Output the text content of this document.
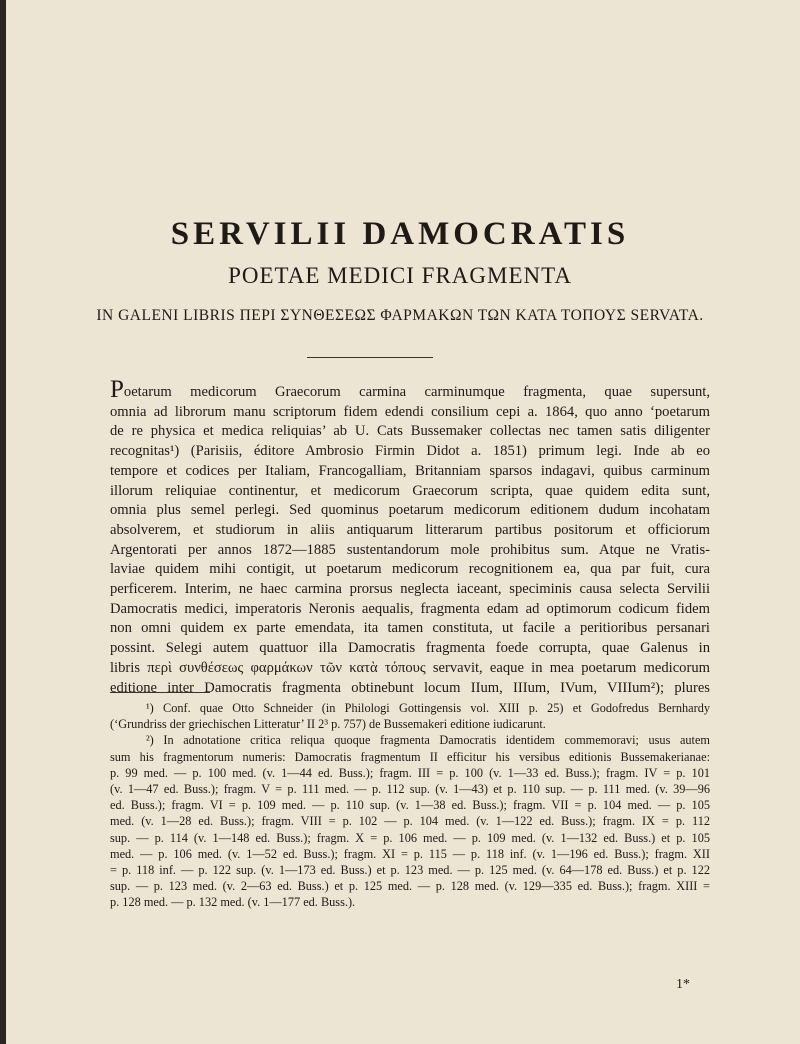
SERVILII DAMOCRATIS
POETAE MEDICI FRAGMENTA
IN GALENI LIBRIS ΠΕΡΙ ΣΥΝΘΕΣΕΩΣ ΦΑΡΜΑΚΩΝ ΤΩΝ ΚΑΤΑ ΤΟΠΟΥΣ SERVATA.
Poetarum medicorum Graecorum carmina carminumque fragmenta, quae supersunt,
omnia ad librorum manu scriptorum fidem edendi consilium cepi a. 1864, quo anno ‘poetarum
de re physica et medica reliquias’ ab U. Cats Bussemaker collectas nec tamen satis diligenter
recognitas¹) (Parisiis, éditore Ambrosio Firmin Didot a. 1851) primum legi. Inde ab eo
tempore et codices per Italiam, Francogalliam, Britanniam sparsos indagavi, quibus carminum
illorum reliquiae continentur, et medicorum Graecorum scripta, quae quidem edita sunt,
omnia plus semel perlegi. Sed quominus poetarum medicorum editionem dudum incohatam
absolverem, et studiorum in aliis antiquarum litterarum partibus positorum et officiorum
Argentorati per annos 1872—1885 sustentandorum mole prohibitus sum. Atque ne Vratis-
laviae quidem mihi contigit, ut poetarum medicorum recognitionem ea, qua par fuit, cura
perficerem. Interim, ne haec carmina prorsus neglecta iaceant, speciminis causa selecta Servilii
Damocratis medici, imperatoris Neronis aequalis, fragmenta edam ad optimorum codicum fidem
non omni quidem ex parte emendata, ita tamen constituta, ut facile a peritioribus persanari
possint. Selegi autem quattuor illa Damocratis fragmenta foede corrupta, quae Galenus in
libris περὶ συνθέσεως φαρμάκων τῶν κατὰ τόπους servavit, eaque in mea poetarum medicorum
editione inter Damocratis fragmenta obtinebunt locum IIum, IIIum, IVum, VIIIum²); plures
¹) Conf. quae Otto Schneider (in Philologi Gottingensis vol. XIII p. 25) et Godofredus Bernhardy
(‘Grundriss der griechischen Litteratur’ II 2³ p. 757) de Bussemakeri editione iudicarunt.
²) In adnotatione critica reliqua quoque fragmenta Damocratis identidem commemoravi; usus autem
sum his fragmentorum numeris: Damocratis fragmentum II efficitur his versibus editionis Bussemakerianae:
p. 99 med. — p. 100 med. (v. 1—44 ed. Buss.); fragm. III = p. 100 (v. 1—33 ed. Buss.); fragm. IV = p. 101
(v. 1—47 ed. Buss.); fragm. V = p. 111 med. — p. 112 sup. (v. 1—43) et p. 110 sup. — p. 111 med. (v. 39—96
ed. Buss.); fragm. VI = p. 109 med. — p. 110 sup. (v. 1—38 ed. Buss.); fragm. VII = p. 104 med. — p. 105
med. (v. 1—28 ed. Buss.); fragm. VIII = p. 102 — p. 104 med. (v. 1—122 ed. Buss.); fragm. IX = p. 112
sup. — p. 114 (v. 1—148 ed. Buss.); fragm. X = p. 106 med. — p. 109 med. (v. 1—132 ed. Buss.) et p. 105
med. — p. 106 med. (v. 1—52 ed. Buss.); fragm. XI = p. 115 — p. 118 inf. (v. 1—196 ed. Buss.); fragm. XII
= p. 118 inf. — p. 122 sup. (v. 1—173 ed. Buss.) et p. 123 med. — p. 125 med. (v. 64—178 ed. Buss.) et p. 122
sup. — p. 123 med. (v. 2—63 ed. Buss.) et p. 125 med. — p. 128 med. (v. 129—335 ed. Buss.); fragm. XIII =
p. 128 med. — p. 132 med. (v. 1—177 ed. Buss.).
1*
